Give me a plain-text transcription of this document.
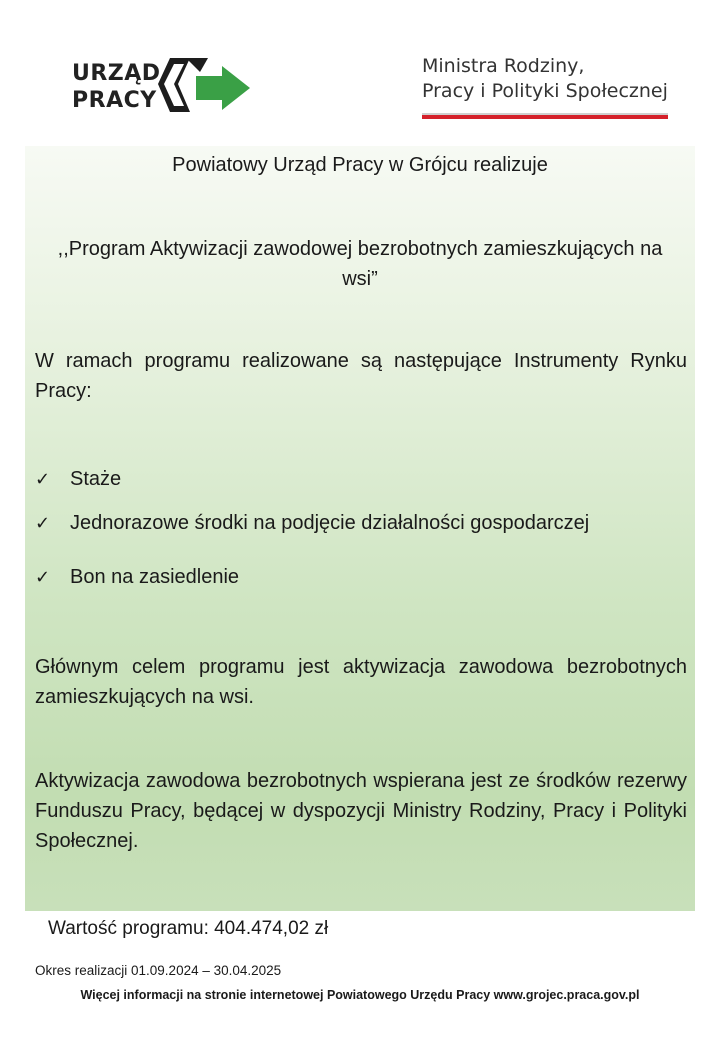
URZĄD
PRACY
Ministra Rodziny,
Pracy i Polityki Społecznej
Powiatowy Urząd Pracy w Grójcu realizuje
,,Program Aktywizacji zawodowej bezrobotnych zamieszkujących na wsi”
W ramach programu realizowane są następujące Instrumenty Rynku Pracy:
✓ Staże
✓ Jednorazowe środki na podjęcie działalności gospodarczej
✓ Bon na zasiedlenie
Głównym celem programu jest aktywizacja zawodowa bezrobotnych zamieszkujących na wsi.
Aktywizacja zawodowa bezrobotnych wspierana jest ze środków rezerwy Funduszu Pracy, będącej w dyspozycji Ministry Rodziny, Pracy i Polityki Społecznej.
Wartość programu: 404.474,02 zł
Okres realizacji 01.09.2024 – 30.04.2025
Więcej informacji na stronie internetowej Powiatowego Urzędu Pracy www.grojec.praca.gov.pl
